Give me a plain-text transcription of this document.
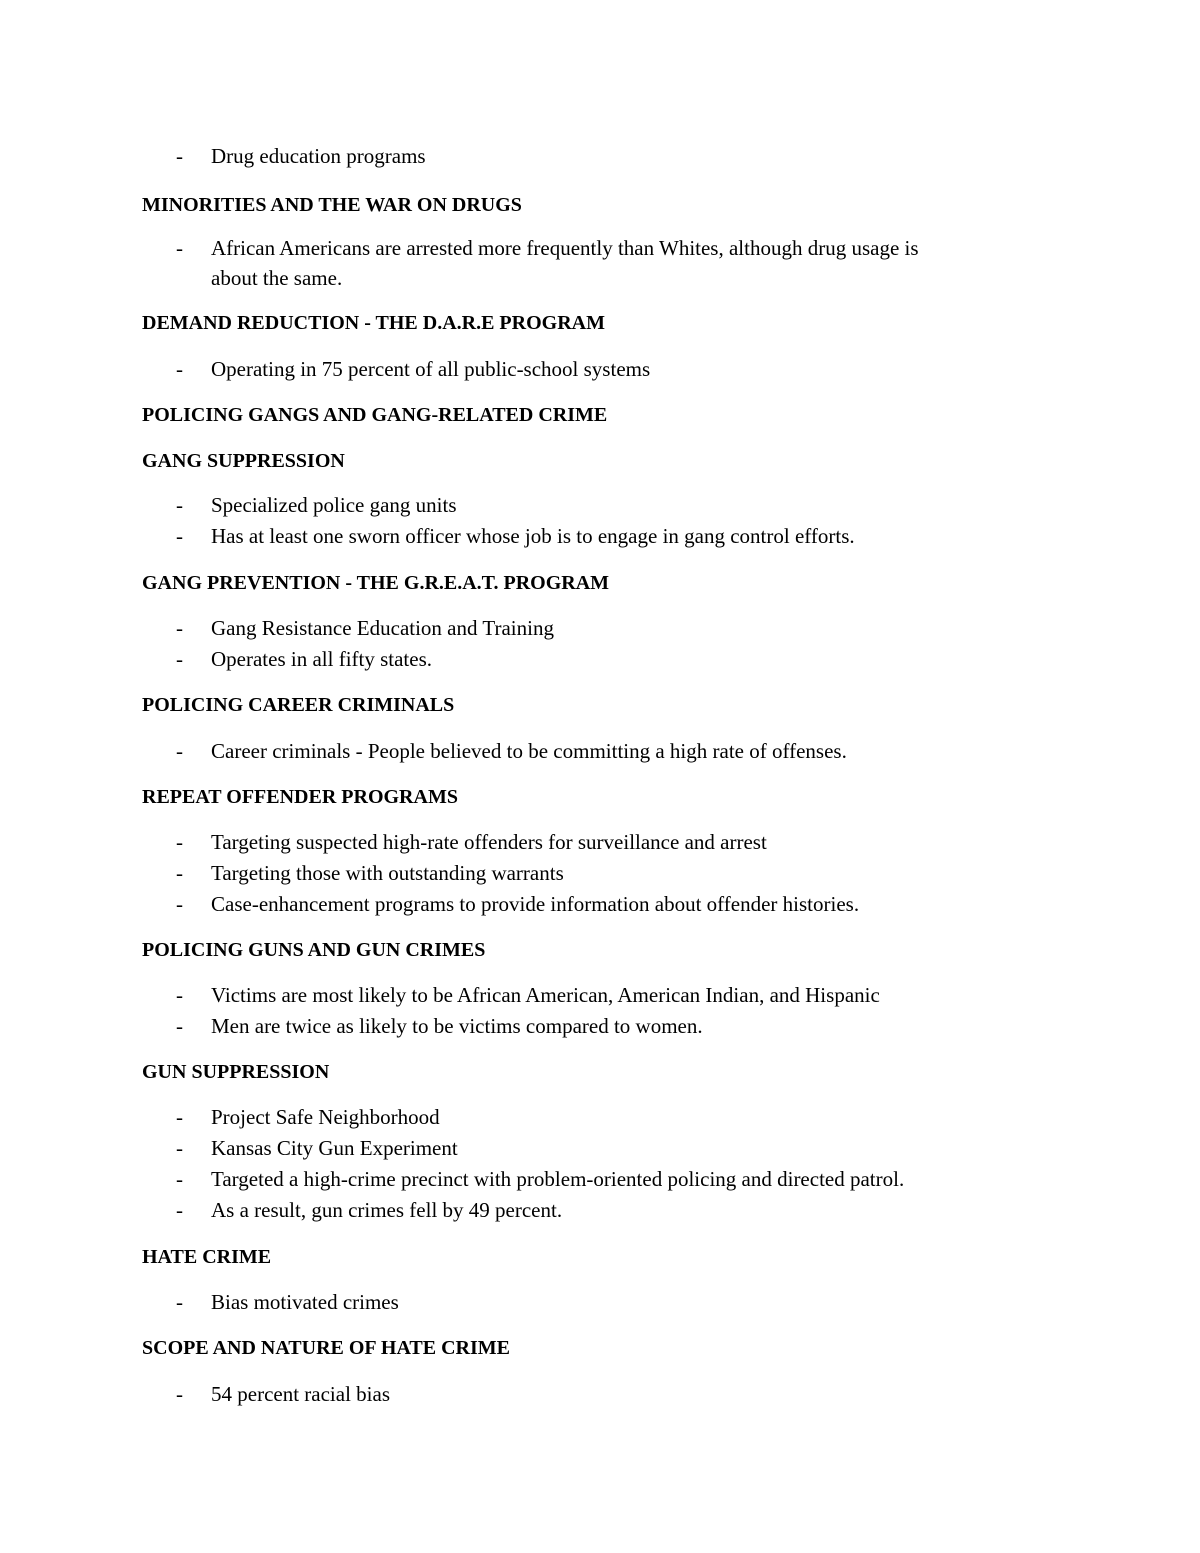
- Drug education programs
MINORITIES AND THE WAR ON DRUGS
- African Americans are arrested more frequently than Whites, although drug usage is
about the same.
DEMAND REDUCTION - THE D.A.R.E PROGRAM
- Operating in 75 percent of all public-school systems
POLICING GANGS AND GANG-RELATED CRIME
GANG SUPPRESSION
- Specialized police gang units
- Has at least one sworn officer whose job is to engage in gang control efforts.
GANG PREVENTION - THE G.R.E.A.T. PROGRAM
- Gang Resistance Education and Training
- Operates in all fifty states.
POLICING CAREER CRIMINALS
- Career criminals - People believed to be committing a high rate of offenses.
REPEAT OFFENDER PROGRAMS
- Targeting suspected high-rate offenders for surveillance and arrest
- Targeting those with outstanding warrants
- Case-enhancement programs to provide information about offender histories.
POLICING GUNS AND GUN CRIMES
- Victims are most likely to be African American, American Indian, and Hispanic
- Men are twice as likely to be victims compared to women.
GUN SUPPRESSION
- Project Safe Neighborhood
- Kansas City Gun Experiment
- Targeted a high-crime precinct with problem-oriented policing and directed patrol.
- As a result, gun crimes fell by 49 percent.
HATE CRIME
- Bias motivated crimes
SCOPE AND NATURE OF HATE CRIME
- 54 percent racial bias
